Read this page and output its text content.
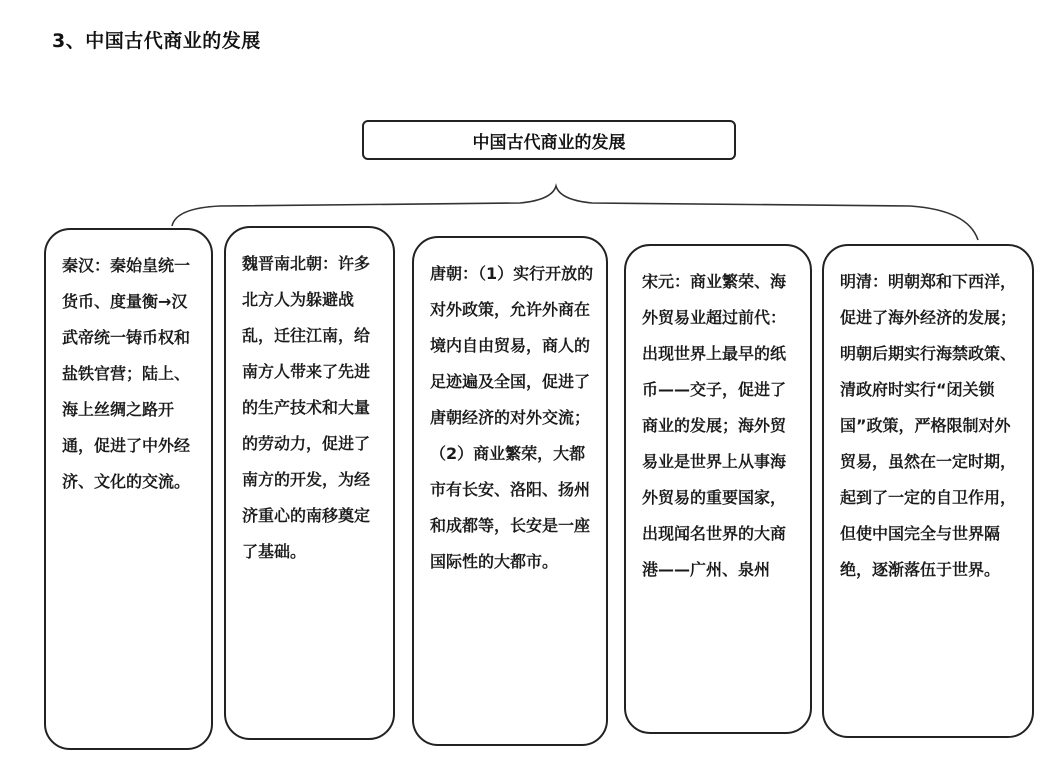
3、中国古代商业的发展
中国古代商业的发展

秦汉：秦始皇统一货币、度量衡→汉武帝统一铸币权和盐铁官营；陆上、海上丝绸之路开通，促进了中外经济、文化的交流。

魏晋南北朝：许多北方人为躲避战乱，迁往江南，给南方人带来了先进的生产技术和大量的劳动力，促进了南方的开发，为经济重心的南移奠定了基础。

唐朝：（1）实行开放的对外政策，允许外商在境内自由贸易，商人的足迹遍及全国，促进了唐朝经济的对外交流；（2）商业繁荣，大都市有长安、洛阳、扬州和成都等，长安是一座国际性的大都市。

宋元：商业繁荣、海外贸易业超过前代：出现世界上最早的纸币——交子，促进了商业的发展；海外贸易业是世界上从事海外贸易的重要国家，出现闻名世界的大商港——广州、泉州

明清：明朝郑和下西洋，促进了海外经济的发展；明朝后期实行海禁政策、清政府时实行“闭关锁国”政策，严格限制对外贸易，虽然在一定时期，起到了一定的自卫作用，但使中国完全与世界隔绝，逐渐落伍于世界。
